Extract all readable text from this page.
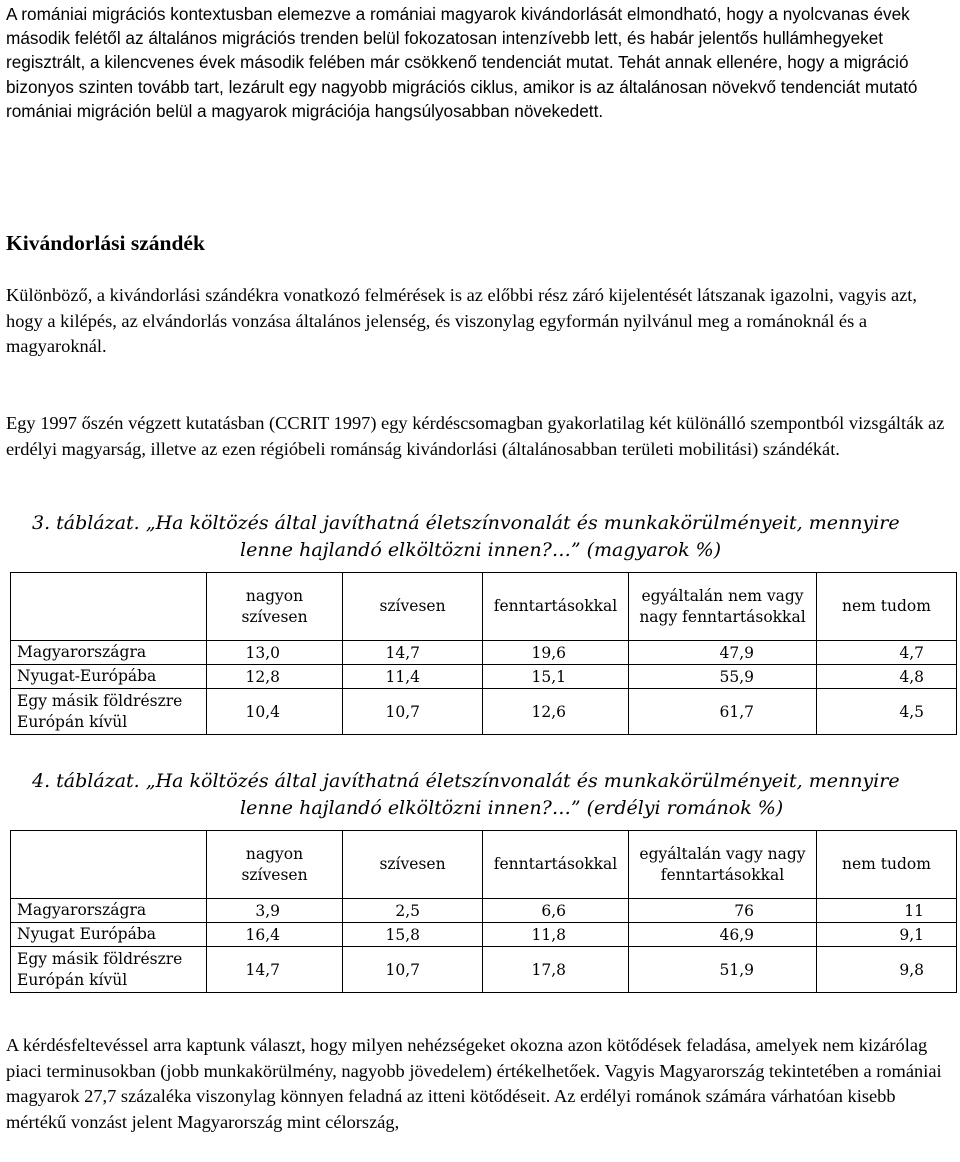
A romániai migrációs kontextusban elemezve a romániai magyarok kivándorlását elmondható, hogy a nyolcvanas évek második felétől az általános migrációs trenden belül fokozatosan intenzívebb lett, és habár jelentős hullámhegyeket regisztrált, a kilencvenes évek második felében már csökkenő tendenciát mutat. Tehát annak ellenére, hogy a migráció bizonyos szinten tovább tart, lezárult egy nagyobb migrációs ciklus, amikor is az általánosan növekvő tendenciát mutató romániai migráción belül a magyarok migrációja hangsúlyosabban növekedett.

Kivándorlási szándék

Különböző, a kivándorlási szándékra vonatkozó felmérések is az előbbi rész záró kijelentését látszanak igazolni, vagyis azt, hogy a kilépés, az elvándorlás vonzása általános jelenség, és viszonylag egyformán nyilvánul meg a románoknál és a magyaroknál.

Egy 1997 őszén végzett kutatásban (CCRIT 1997) egy kérdéscsomagban gyakorlatilag két különálló szempontból vizsgálták az erdélyi magyarság, illetve az ezen régióbeli románság kivándorlási (általánosabban területi mobilitási) szándékát.

3. táblázat. „Ha költözés által javíthatná életszínvonalát és munkakörülményeit, mennyire
lenne hajlandó elköltözni innen?…” (magyarok %)
	nagyon szívesen	szívesen	fenntartásokkal	egyáltalán nem vagy nagy fenntartásokkal	nem tudom
Magyarországra	13,0	14,7	19,6	47,9	4,7
Nyugat-Európába	12,8	11,4	15,1	55,9	4,8
Egy másik földrészre Európán kívül	10,4	10,7	12,6	61,7	4,5
4. táblázat. „Ha költözés által javíthatná életszínvonalát és munkakörülményeit, mennyire
lenne hajlandó elköltözni innen?…” (erdélyi románok %)
	nagyon szívesen	szívesen	fenntartásokkal	egyáltalán vagy nagy fenntartásokkal	nem tudom
Magyarországra	3,9	2,5	6,6	76	11
Nyugat Európába	16,4	15,8	11,8	46,9	9,1
Egy másik földrészre Európán kívül	14,7	10,7	17,8	51,9	9,8

A kérdésfeltevéssel arra kaptunk választ, hogy milyen nehézségeket okozna azon kötődések feladása, amelyek nem kizárólag piaci terminusokban (jobb munkakörülmény, nagyobb jövedelem) értékelhetőek. Vagyis Magyarország tekintetében a romániai magyarok 27,7 százaléka viszonylag könnyen feladná az itteni kötődéseit. Az erdélyi románok számára várhatóan kisebb mértékű vonzást jelent Magyarország mint célország,
